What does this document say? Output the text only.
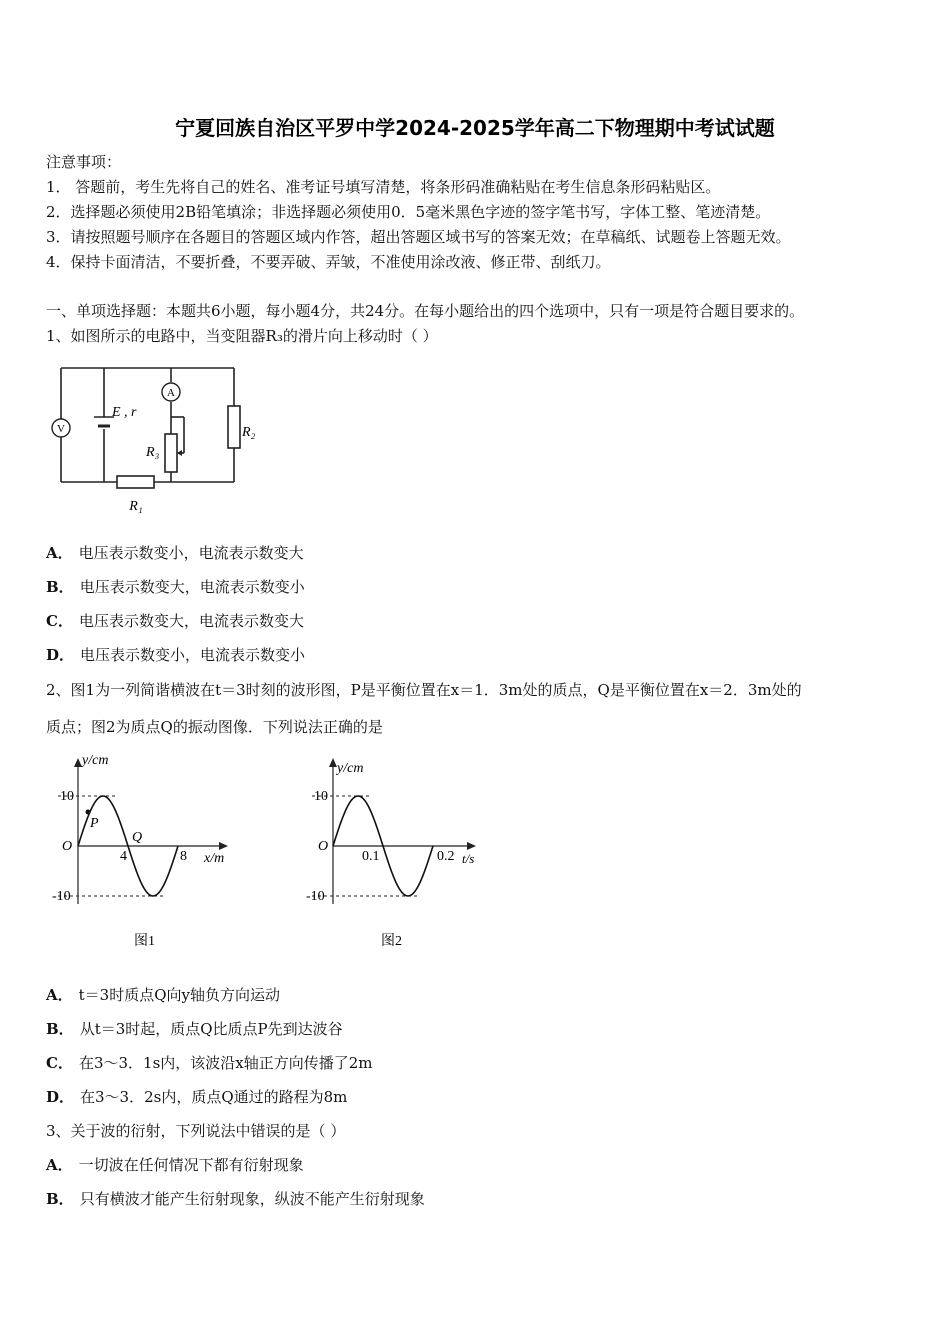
宁夏回族自治区平罗中学2024-2025学年高二下物理期中考试试题
注意事项：
1． 答题前，考生先将自己的姓名、准考证号填写清楚，将条形码准确粘贴在考生信息条形码粘贴区。
2．选择题必须使用2B铅笔填涂；非选择题必须使用0．5毫米黑色字迹的签字笔书写，字体工整、笔迹清楚。
3．请按照题号顺序在各题目的答题区域内作答，超出答题区域书写的答案无效；在草稿纸、试题卷上答题无效。
4．保持卡面清洁，不要折叠，不要弄破、弄皱，不准使用涂改液、修正带、刮纸刀。
一、单项选择题：本题共6小题，每小题4分，共24分。在每小题给出的四个选项中，只有一项是符合题目要求的。
1、如图所示的电路中，当变阻器R₃的滑片向上移动时（ ）
V
A
E , r
R₁
R₂
R₃
A． 电压表示数变小，电流表示数变大
B． 电压表示数变大，电流表示数变小
C． 电压表示数变大，电流表示数变大
D． 电压表示数变小，电流表示数变小
2、图1为一列简谐横波在t＝3时刻的波形图，P是平衡位置在x＝1．3m处的质点，Q是平衡位置在x＝2．3m处的
质点；图2为质点Q的振动图像．下列说法正确的是
y/cm
x/m
10
-10
O
4	8
P
Q
图1
y/cm
t/s
10
-10
O
0.1	0.2
图2
A． t＝3时质点Q向y轴负方向运动
B． 从t＝3时起，质点Q比质点P先到达波谷
C． 在3～3．1s内，该波沿x轴正方向传播了2m
D． 在3～3．2s内，质点Q通过的路程为8m
3、关于波的衍射，下列说法中错误的是（ ）
A． 一切波在任何情况下都有衍射现象
B． 只有横波才能产生衍射现象，纵波不能产生衍射现象
